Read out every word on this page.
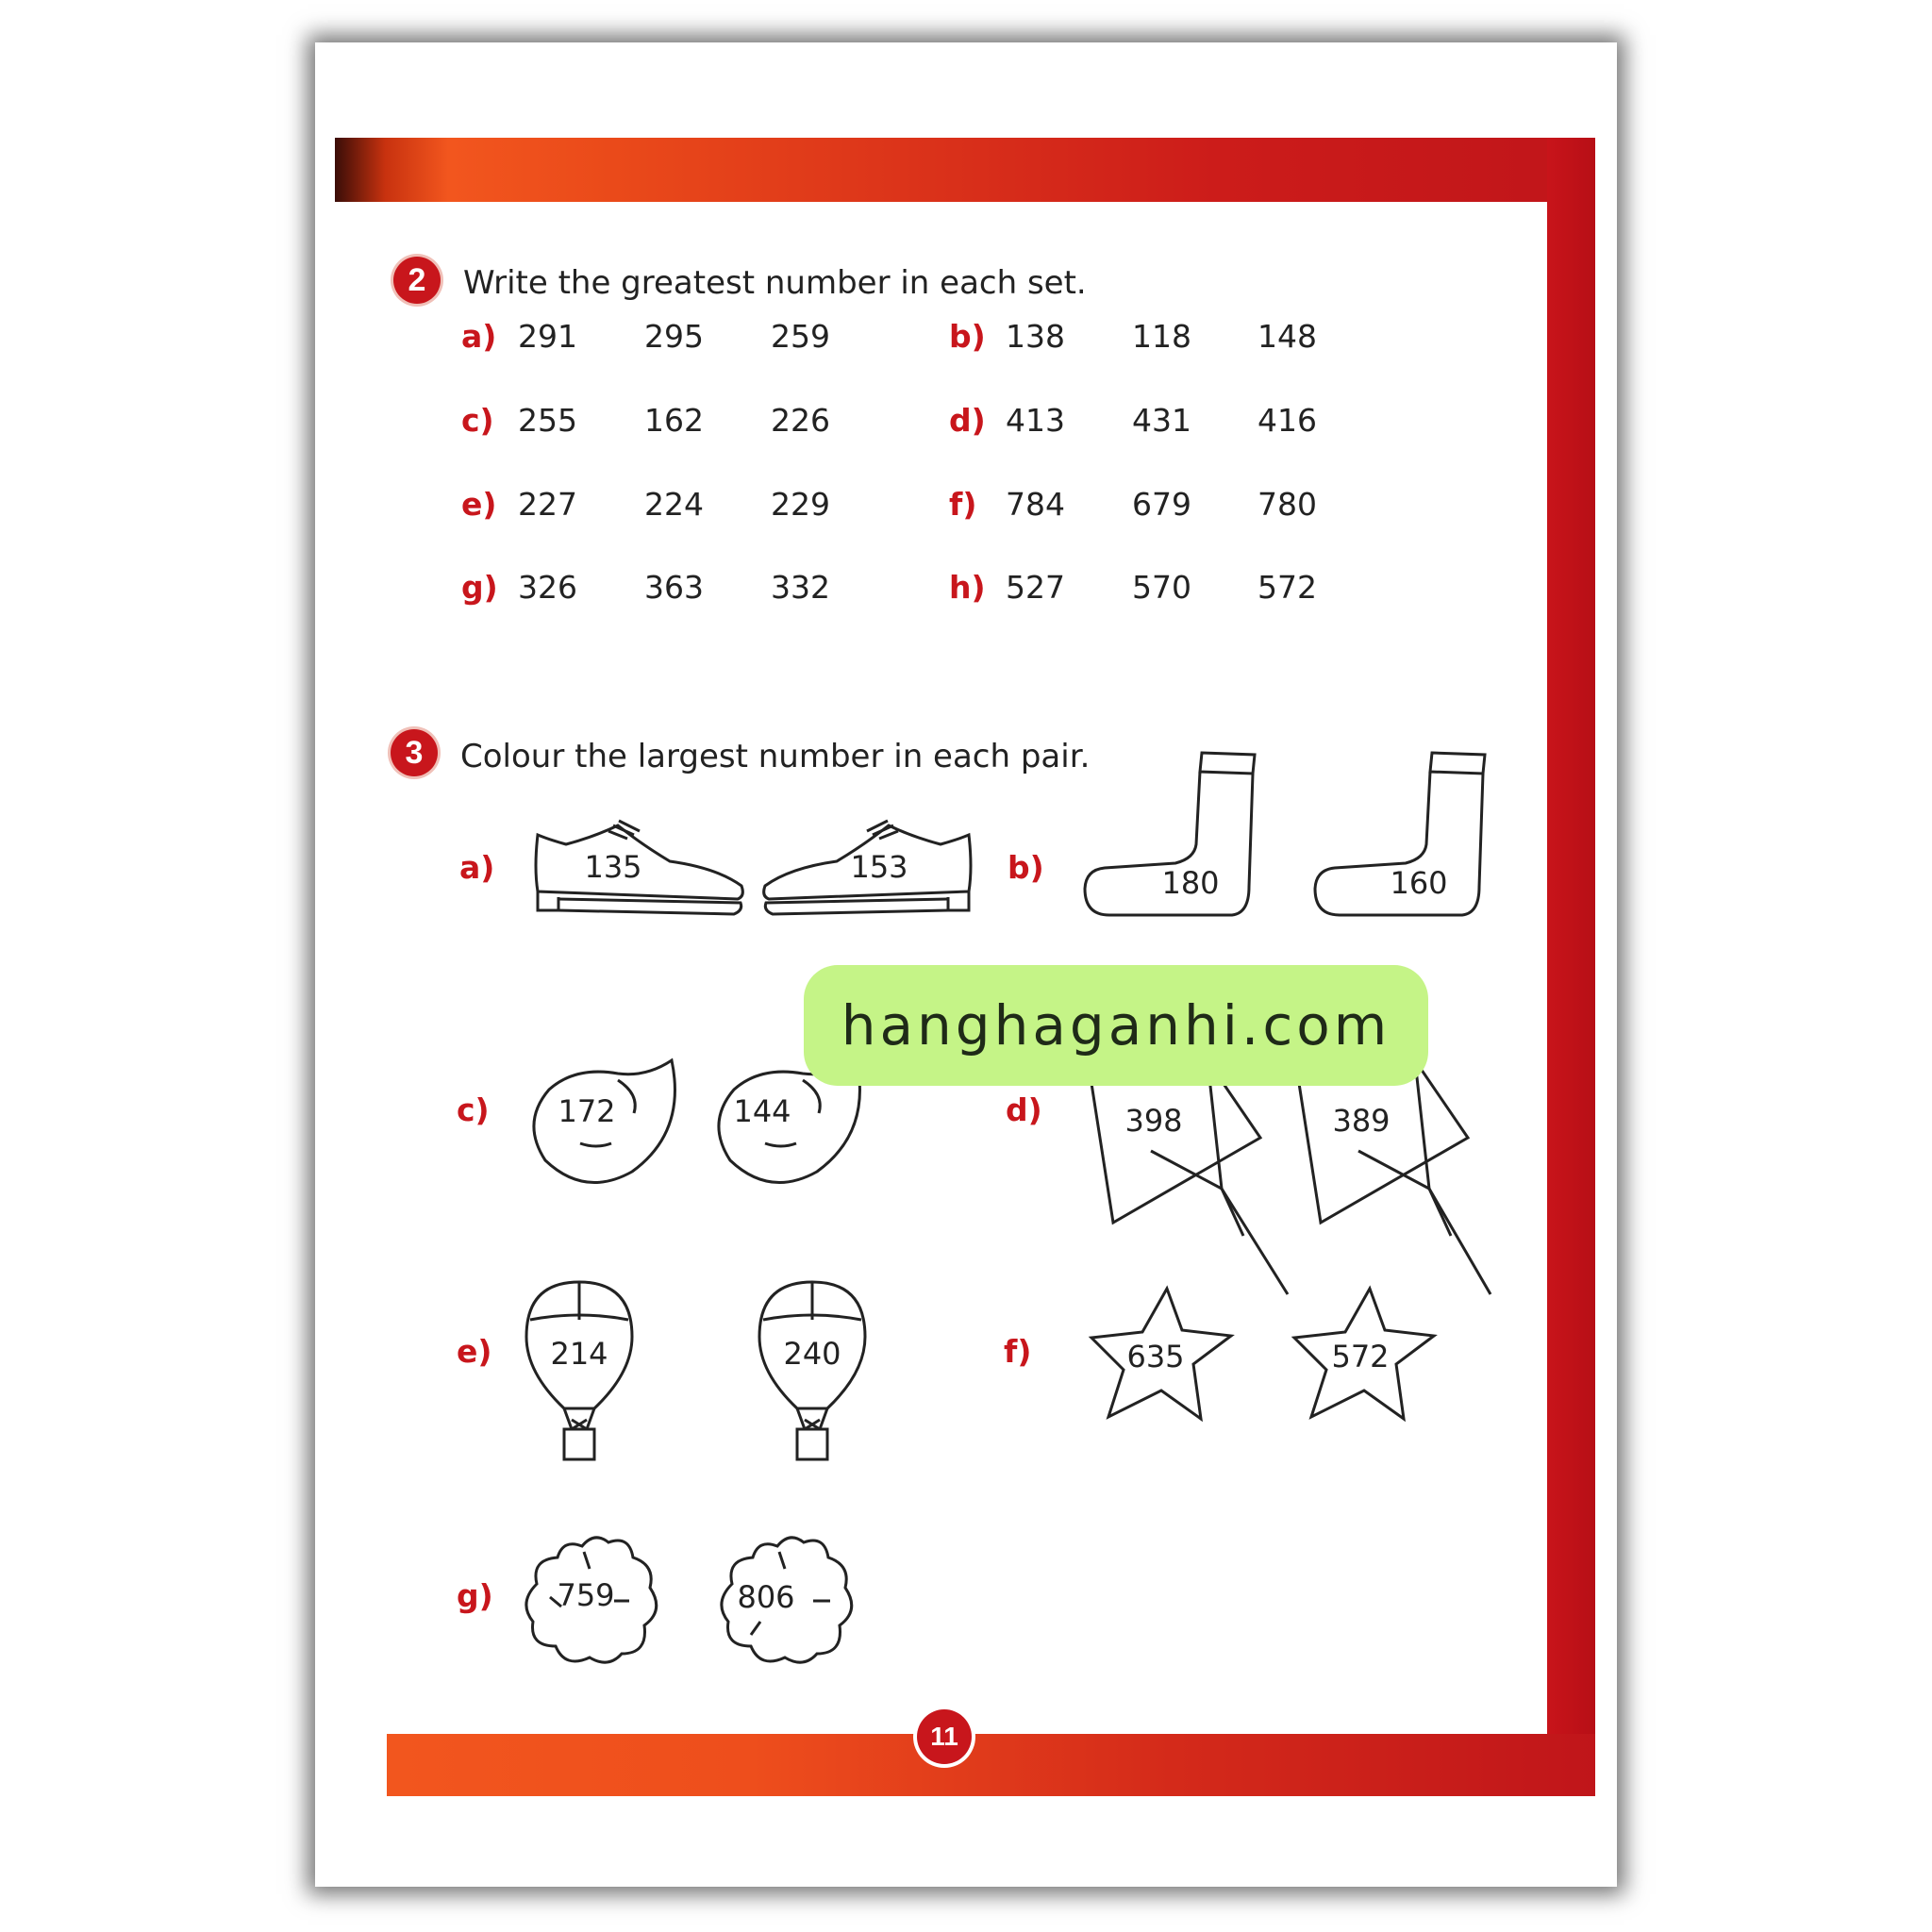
2	Write the greatest number in each set.
a) 291 295 259	b) 138 118 148
c) 255 162 226	d) 413 431 416
e) 227 224 229	f) 784 679 780
g) 326 363 332	h) 527 570 572
3	Colour the largest number in each pair.
a)	135	153	b)	180	160
c) 172	144	d)	398	389
e) 214	240	f)	635	572
g) 759	806
hanghaganhi.com
11
